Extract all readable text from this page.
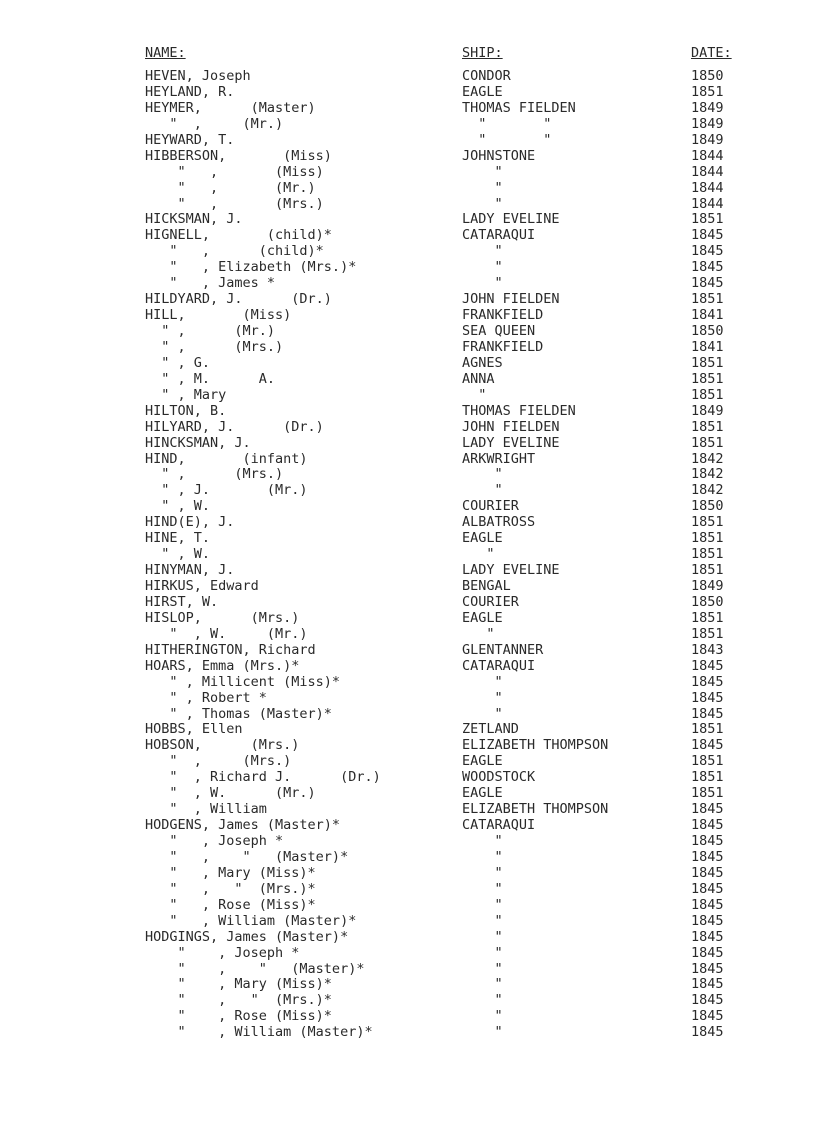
NAME:	SHIP:	DATE:
HEVEN, Joseph	CONDOR	1850
HEYLAND, R.	EAGLE	1851
HEYMER,      (Master)	THOMAS FIELDEN	1849
"  ,     (Mr.)	"       "	1849
HEYWARD, T.	"       "	1849
HIBBERSON,       (Miss)	JOHNSTONE	1844
"   ,       (Miss)	"	1844
"   ,       (Mr.)	"	1844
"   ,       (Mrs.)	"	1844
HICKSMAN, J.	LADY EVELINE	1851
HIGNELL,       (child)*	CATARAQUI	1845
"   ,      (child)*	"	1845
"   , Elizabeth (Mrs.)*	"	1845
"   , James *	"	1845
HILDYARD, J.      (Dr.)	JOHN FIELDEN	1851
HILL,       (Miss)	FRANKFIELD	1841
" ,      (Mr.)	SEA QUEEN	1850
" ,      (Mrs.)	FRANKFIELD	1841
" , G.	AGNES	1851
" , M.      A.	ANNA	1851
" , Mary	"	1851
HILTON, B.	THOMAS FIELDEN	1849
HILYARD, J.      (Dr.)	JOHN FIELDEN	1851
HINCKSMAN, J.	LADY EVELINE	1851
HIND,       (infant)	ARKWRIGHT	1842
" ,      (Mrs.)	"	1842
" , J.       (Mr.)	"	1842
" , W.	COURIER	1850
HIND(E), J.	ALBATROSS	1851
HINE, T.	EAGLE	1851
" , W.	"	1851
HINYMAN, J.	LADY EVELINE	1851
HIRKUS, Edward	BENGAL	1849
HIRST, W.	COURIER	1850
HISLOP,      (Mrs.)	EAGLE	1851
"  , W.     (Mr.)	"	1851
HITHERINGTON, Richard	GLENTANNER	1843
HOARS, Emma (Mrs.)*	CATARAQUI	1845
" , Millicent (Miss)*	"	1845
" , Robert *	"	1845
" , Thomas (Master)*	"	1845
HOBBS, Ellen	ZETLAND	1851
HOBSON,      (Mrs.)	ELIZABETH THOMPSON	1845
"  ,     (Mrs.)	EAGLE	1851
"  , Richard J.      (Dr.)	WOODSTOCK	1851
"  , W.      (Mr.)	EAGLE	1851
"  , William	ELIZABETH THOMPSON	1845
HODGENS, James (Master)*	CATARAQUI	1845
"   , Joseph *	"	1845
"   ,    "   (Master)*	"	1845
"   , Mary (Miss)*	"	1845
"   ,   "  (Mrs.)*	"	1845
"   , Rose (Miss)*	"	1845
"   , William (Master)*	"	1845
HODGINGS, James (Master)*	"	1845
"    , Joseph *	"	1845
"    ,    "   (Master)*	"	1845
"    , Mary (Miss)*	"	1845
"    ,   "  (Mrs.)*	"	1845
"    , Rose (Miss)*	"	1845
"    , William (Master)*	"	1845
